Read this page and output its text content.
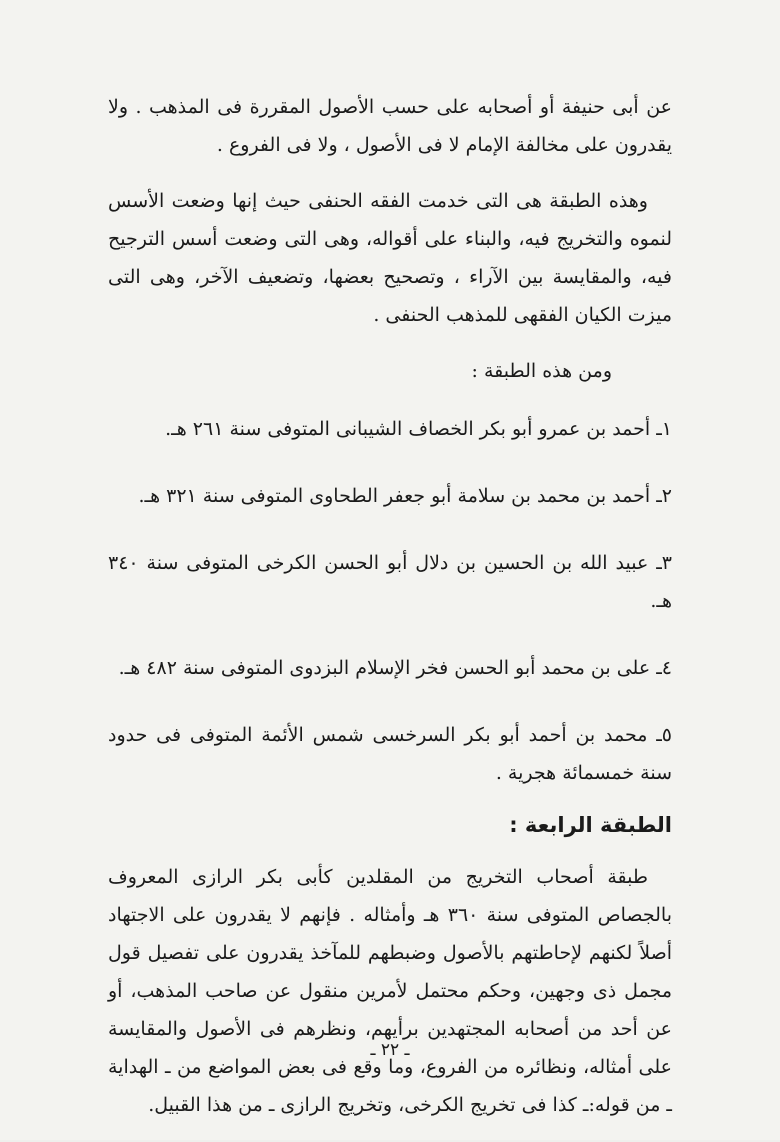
عن أبى حنيفة أو أصحابه على حسب الأصول المقررة فى المذهب . ولا يقدرون على مخالفة الإمام لا فى الأصول ، ولا فى الفروع .

وهذه الطبقة هى التى خدمت الفقه الحنفى حيث إنها وضعت الأسس لنموه والتخريج فيه، والبناء على أقواله، وهى التى وضعت أسس الترجيح فيه، والمقايسة بين الآراء ، وتصحيح بعضها، وتضعيف الآخر، وهى التى ميزت الكيان الفقهى للمذهب الحنفى .

ومن هذه الطبقة :

١ـ أحمد بن عمرو أبو بكر الخصاف الشيبانى المتوفى سنة ٢٦١ هـ.
٢ـ أحمد بن محمد بن سلامة أبو جعفر الطحاوى المتوفى سنة ٣٢١ هـ.
٣ـ عبيد الله بن الحسين بن دلال أبو الحسن الكرخى المتوفى سنة ٣٤٠ هـ.
٤ـ على بن محمد أبو الحسن فخر الإسلام البزدوى المتوفى سنة ٤٨٢ هـ.
٥ـ محمد بن أحمد أبو بكر السرخسى شمس الأئمة المتوفى فى حدود سنة خمسمائة هجرية .
الطبقة الرابعة :

طبقة أصحاب التخريج من المقلدين كأبى بكر الرازى المعروف بالجصاص المتوفى سنة ٣٦٠ هـ وأمثاله . فإنهم لا يقدرون على الاجتهاد أصلاً لكنهم لإحاطتهم بالأصول وضبطهم للمآخذ يقدرون على تفصيل قول مجمل ذى وجهين، وحكم محتمل لأمرين منقول عن صاحب المذهب، أو عن أحد من أصحابه المجتهدين برأيهم، ونظرهم فى الأصول والمقايسة على أمثاله، ونظائره من الفروع، وما وقع فى بعض المواضع من ـ الهداية ـ من قوله:ـ كذا فى تخريج الكرخى، وتخريج الرازى ـ من هذا القبيل.

ـ ٢٢ ـ
